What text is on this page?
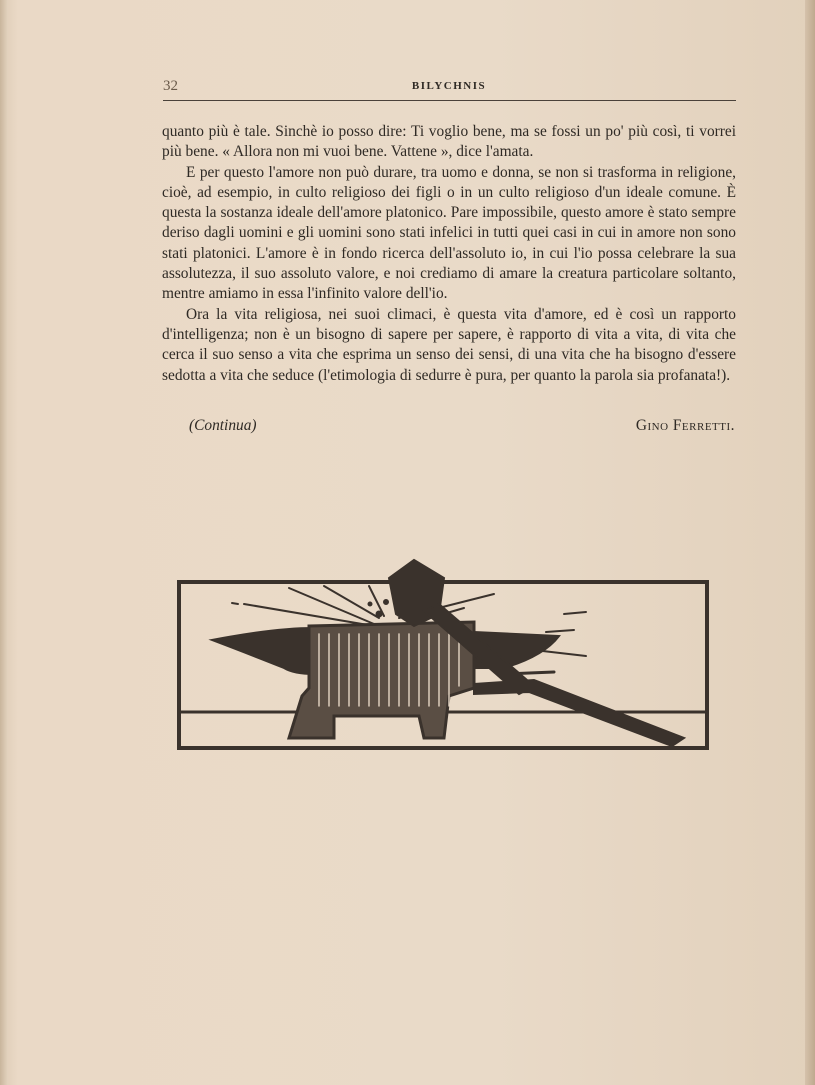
32	BILYCHNIS

quanto più è tale. Sinchè io posso dire: Ti voglio bene, ma se fossi un po' più così, ti vorrei più bene. « Allora non mi vuoi bene. Vattene », dice l'amata.

E per questo l'amore non può durare, tra uomo e donna, se non si trasforma in religione, cioè, ad esempio, in culto religioso dei figli o in un culto religioso d'un ideale comune. È questa la sostanza ideale dell'amore platonico. Pare impossibile, questo amore è stato sempre deriso dagli uomini e gli uomini sono stati infelici in tutti quei casi in cui in amore non sono stati platonici. L'amore è in fondo ricerca dell'assoluto io, in cui l'io possa celebrare la sua assolutezza, il suo assoluto valore, e noi crediamo di amare la creatura particolare soltanto, mentre amiamo in essa l'infinito valore dell'io.

Ora la vita religiosa, nei suoi climaci, è questa vita d'amore, ed è così un rapporto d'intelligenza; non è un bisogno di sapere per sapere, è rapporto di vita a vita, di vita che cerca il suo senso a vita che esprima un senso dei sensi, di una vita che ha bisogno d'essere sedotta a vita che seduce (l'etimologia di sedurre è pura, per quanto la parola sia profanata!).

(Continua)	Gino Ferretti.
